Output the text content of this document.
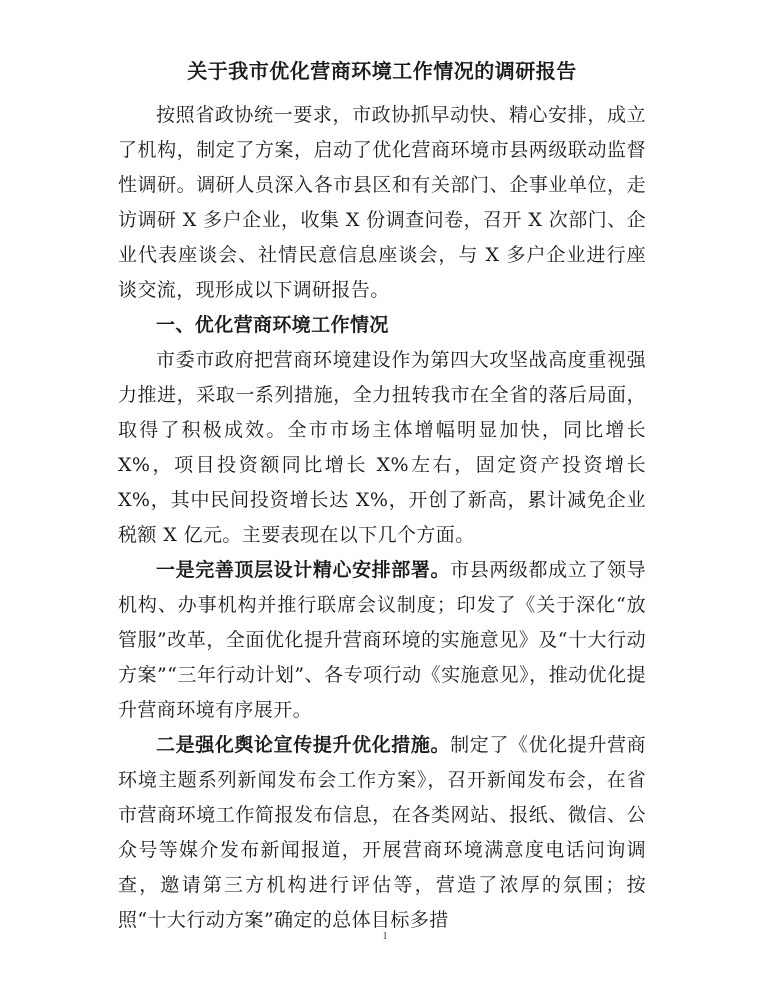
关于我市优化营商环境工作情况的调研报告

按照省政协统一要求，市政协抓早动快、精心安排，成立了机构，制定了方案，启动了优化营商环境市县两级联动监督性调研。调研人员深入各市县区和有关部门、企事业单位，走访调研 X 多户企业，收集 X 份调查问卷，召开 X 次部门、企业代表座谈会、社情民意信息座谈会，与 X 多户企业进行座谈交流，现形成以下调研报告。

一、优化营商环境工作情况

市委市政府把营商环境建设作为第四大攻坚战高度重视强力推进，采取一系列措施，全力扭转我市在全省的落后局面，取得了积极成效。全市市场主体增幅明显加快，同比增长 X%，项目投资额同比增长 X%左右，固定资产投资增长 X%，其中民间投资增长达 X%，开创了新高，累计减免企业税额 X 亿元。主要表现在以下几个方面。

一是完善顶层设计精心安排部署。市县两级都成立了领导机构、办事机构并推行联席会议制度；印发了《关于深化“放管服”改革，全面优化提升营商环境的实施意见》及“十大行动方案”“三年行动计划”、各专项行动《实施意见》，推动优化提升营商环境有序展开。

二是强化舆论宣传提升优化措施。制定了《优化提升营商环境主题系列新闻发布会工作方案》，召开新闻发布会，在省市营商环境工作简报发布信息，在各类网站、报纸、微信、公众号等媒介发布新闻报道，开展营商环境满意度电话问询调查，邀请第三方机构进行评估等，营造了浓厚的氛围；按照“十大行动方案”确定的总体目标多措

1
